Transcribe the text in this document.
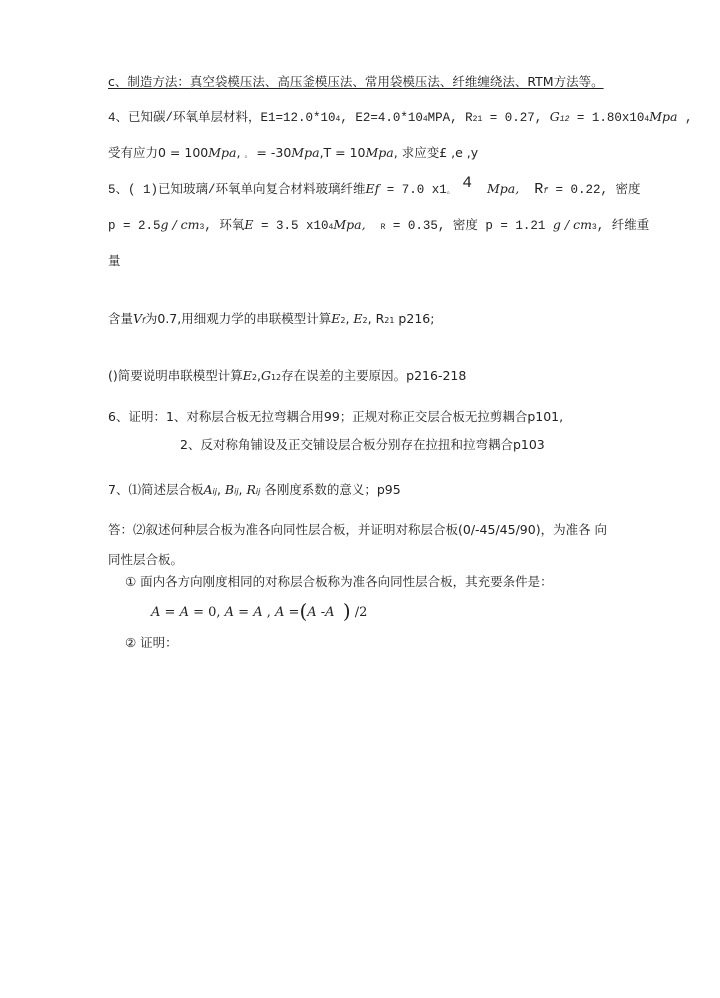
c、制造方法：真空袋模压法、高压釜模压法、常用袋模压法、纤维缠绕法、RTM方法等。
4、已知碳/环氧单层材料，E1=12.0*104, E2=4.0*104MPA, R21 = 0.27, G12 = 1.80x104Mpa ,
受有应力0 = 100Mpa, 。 = -30Mpa,T = 10Mpa, 求应变£ ,e ,y
5、( 1)已知玻璃/环氧单向复合材料玻璃纤维Ef = 7.0 x1。 4 Mpa, Rf = 0.22, 密度
p = 2.5g / cm3, 环氧E = 3.5 x104Mpa, R = 0.35, 密度 p = 1.21 g / cm3, 纤维重
量
含量Vf为0.7,用细观力学的串联模型计算E2, E2, R21 p216;
()简要说明串联模型计算E2,G12存在误差的主要原因。p216-218
6、证明：1、对称层合板无拉弯耦合用99；正规对称正交层合板无拉剪耦合p101,
2、反对称角铺设及正交铺设层合板分别存在拉扭和拉弯耦合p103
7、⑴简述层合板Aij, Bij, Rij 各刚度系数的意义；p95
答：⑵叙述何种层合板为准各向同性层合板，并证明对称层合板(0/-45/45/90)，为准各 向
同性层合板。
① 面内各方向刚度相同的对称层合板称为准各向同性层合板，其充要条件是：
A = A = 0, A = A , A =(A -A ) /2
② 证明：
